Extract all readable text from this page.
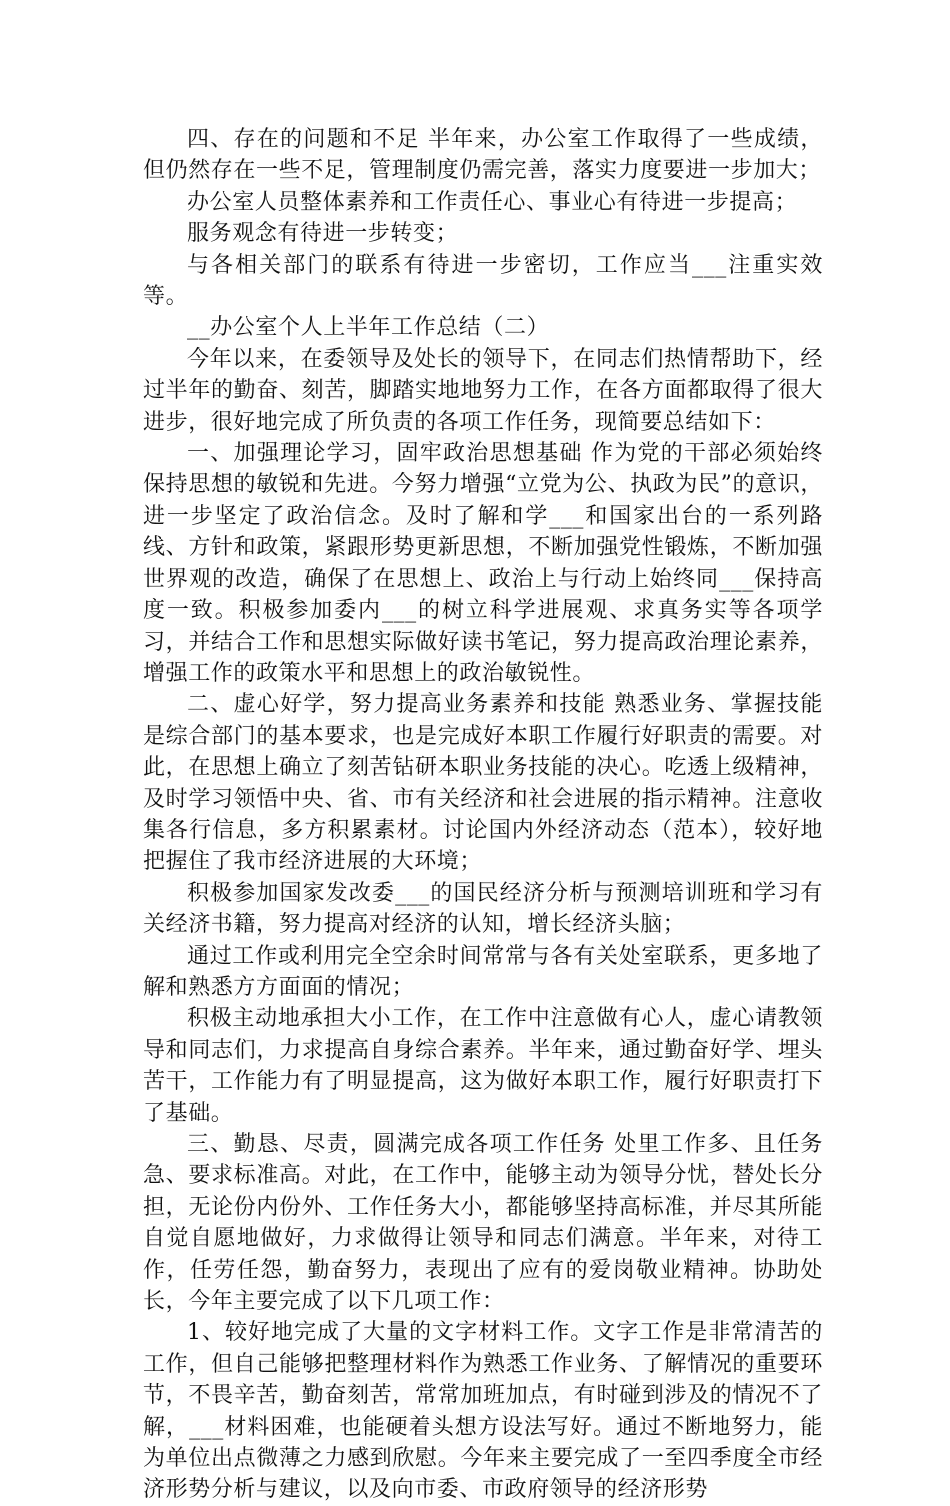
四、存在的问题和不足 半年来，办公室工作取得了一些成绩，但仍然存在一些不足，管理制度仍需完善，落实力度要进一步加大；

办公室人员整体素养和工作责任心、事业心有待进一步提高；

服务观念有待进一步转变；

与各相关部门的联系有待进一步密切，工作应当___注重实效等。

__办公室个人上半年工作总结（二）

今年以来，在委领导及处长的领导下，在同志们热情帮助下，经过半年的勤奋、刻苦，脚踏实地地努力工作，在各方面都取得了很大进步，很好地完成了所负责的各项工作任务，现简要总结如下：

一、加强理论学习，固牢政治思想基础 作为党的干部必须始终保持思想的敏锐和先进。今努力增强“立党为公、执政为民”的意识，进一步坚定了政治信念。及时了解和学___和国家出台的一系列路线、方针和政策，紧跟形势更新思想，不断加强党性锻炼，不断加强世界观的改造，确保了在思想上、政治上与行动上始终同___保持高度一致。积极参加委内___的树立科学进展观、求真务实等各项学习，并结合工作和思想实际做好读书笔记，努力提高政治理论素养，增强工作的政策水平和思想上的政治敏锐性。

二、虚心好学，努力提高业务素养和技能 熟悉业务、掌握技能是综合部门的基本要求，也是完成好本职工作履行好职责的需要。对此，在思想上确立了刻苦钻研本职业务技能的决心。吃透上级精神，及时学习领悟中央、省、市有关经济和社会进展的指示精神。注意收集各行信息，多方积累素材。讨论国内外经济动态（范本），较好地把握住了我市经济进展的大环境；

积极参加国家发改委___的国民经济分析与预测培训班和学习有关经济书籍，努力提高对经济的认知，增长经济头脑；

通过工作或利用完全空余时间常常与各有关处室联系，更多地了解和熟悉方方面面的情况；

积极主动地承担大小工作，在工作中注意做有心人，虚心请教领导和同志们，力求提高自身综合素养。半年来，通过勤奋好学、埋头苦干，工作能力有了明显提高，这为做好本职工作，履行好职责打下了基础。

三、勤恳、尽责，圆满完成各项工作任务 处里工作多、且任务急、要求标准高。对此，在工作中，能够主动为领导分忧，替处长分担，无论份内份外、工作任务大小，都能够坚持高标准，并尽其所能自觉自愿地做好，力求做得让领导和同志们满意。半年来，对待工作，任劳任怨，勤奋努力，表现出了应有的爱岗敬业精神。协助处长，今年主要完成了以下几项工作：

1、较好地完成了大量的文字材料工作。文字工作是非常清苦的工作，但自己能够把整理材料作为熟悉工作业务、了解情况的重要环节，不畏辛苦，勤奋刻苦，常常加班加点，有时碰到涉及的情况不了解，___材料困难，也能硬着头想方设法写好。通过不断地努力，能为单位出点微薄之力感到欣慰。今年来主要完成了一至四季度全市经济形势分析与建议，以及向市委、市政府领导的经济形势
